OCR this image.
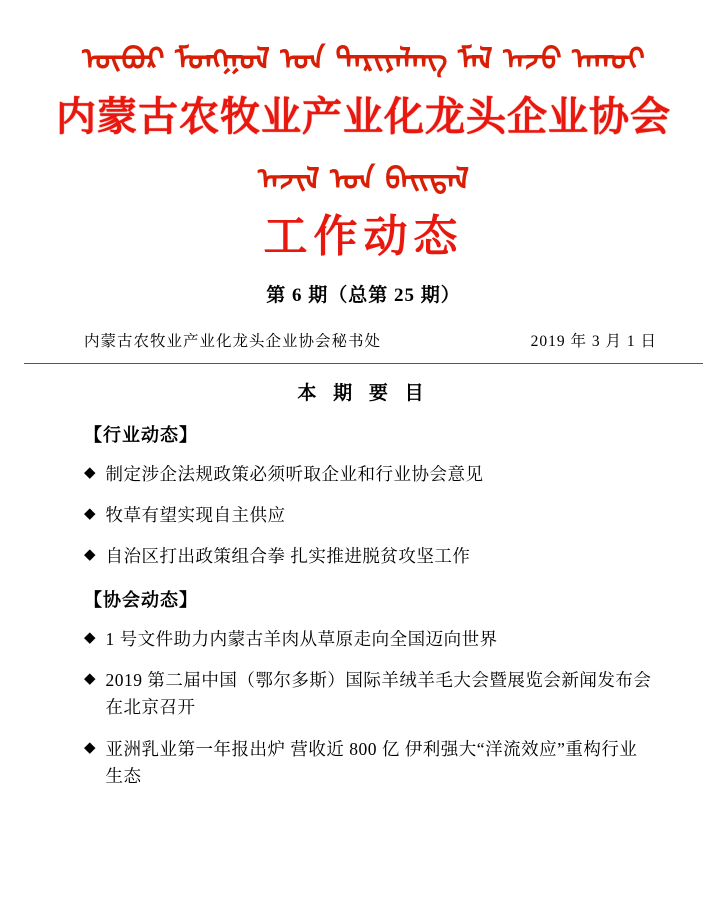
ᠦᠪᠦᠷ ᠮᠣᠩᠭᠣᠯ ᠤᠨ ᠲᠠᠷᠢᠶᠠᠯᠠᠩ ᠮᠠᠯ ᠠᠵᠤ ᠠᠬᠤᠢ
内蒙古农牧业产业化龙头企业协会
ᠠᠵᠢᠯ ᠤᠨ ᠪᠠᠢᠳᠠᠯ
工作动态
第 6 期（总第 25 期）
内蒙古农牧业产业化龙头企业协会秘书处	2019 年 3 月 1 日
本 期 要 目
【行业动态】
◆ 制定涉企法规政策必须听取企业和行业协会意见
◆ 牧草有望实现自主供应
◆ 自治区打出政策组合拳 扎实推进脱贫攻坚工作
【协会动态】
◆ 1 号文件助力内蒙古羊肉从草原走向全国迈向世界
◆ 2019 第二届中国（鄂尔多斯）国际羊绒羊毛大会暨展览会新闻发布会在北京召开
◆ 亚洲乳业第一年报出炉 营收近 800 亿 伊利强大“洋流效应”重构行业生态
